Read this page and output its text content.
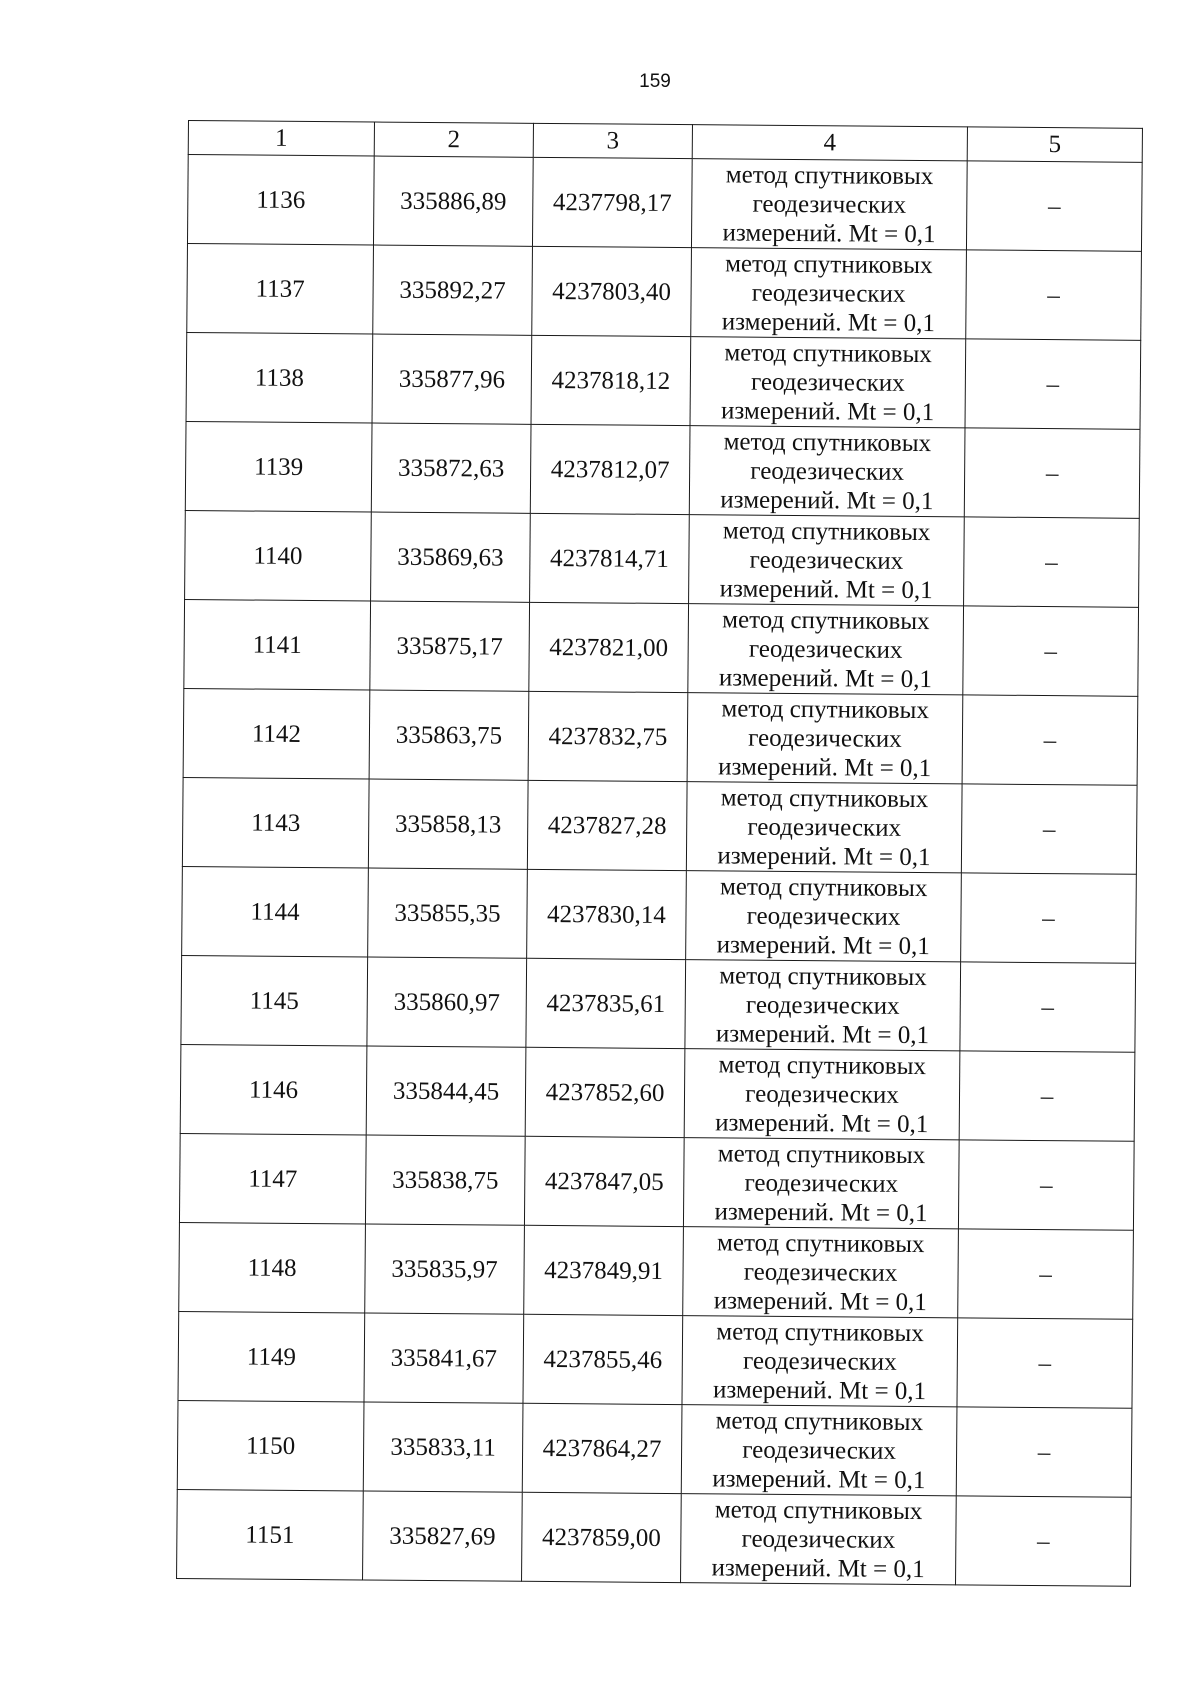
159
1	2	3	4	5
1136	335886,89	4237798,17	метод спутниковых
геодезических
измерений. Mt = 0,1	–
1137	335892,27	4237803,40	метод спутниковых
геодезических
измерений. Mt = 0,1	–
1138	335877,96	4237818,12	метод спутниковых
геодезических
измерений. Mt = 0,1	–
1139	335872,63	4237812,07	метод спутниковых
геодезических
измерений. Mt = 0,1	–
1140	335869,63	4237814,71	метод спутниковых
геодезических
измерений. Mt = 0,1	–
1141	335875,17	4237821,00	метод спутниковых
геодезических
измерений. Mt = 0,1	–
1142	335863,75	4237832,75	метод спутниковых
геодезических
измерений. Mt = 0,1	–
1143	335858,13	4237827,28	метод спутниковых
геодезических
измерений. Mt = 0,1	–
1144	335855,35	4237830,14	метод спутниковых
геодезических
измерений. Mt = 0,1	–
1145	335860,97	4237835,61	метод спутниковых
геодезических
измерений. Mt = 0,1	–
1146	335844,45	4237852,60	метод спутниковых
геодезических
измерений. Mt = 0,1	–
1147	335838,75	4237847,05	метод спутниковых
геодезических
измерений. Mt = 0,1	–
1148	335835,97	4237849,91	метод спутниковых
геодезических
измерений. Mt = 0,1	–
1149	335841,67	4237855,46	метод спутниковых
геодезических
измерений. Mt = 0,1	–
1150	335833,11	4237864,27	метод спутниковых
геодезических
измерений. Mt = 0,1	–
1151	335827,69	4237859,00	метод спутниковых
геодезических
измерений. Mt = 0,1	–
